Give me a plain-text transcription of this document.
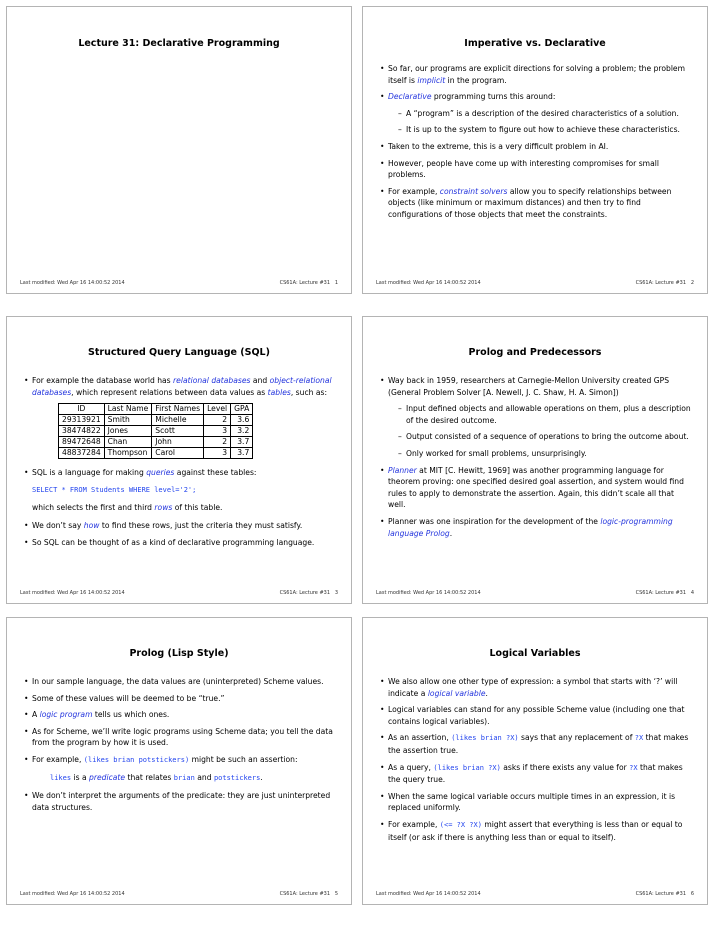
Lecture 31: Declarative Programming
Last modified: Wed Apr 16 14:00:52 2014	CS61A: Lecture #31 1
Imperative vs. Declarative
• So far, our programs are explicit directions for solving a problem; the problem itself is implicit in the program.
• Declarative programming turns this around:
– A “program” is a description of the desired characteristics of a solution.
– It is up to the system to figure out how to achieve these characteristics.
• Taken to the extreme, this is a very difficult problem in AI.
• However, people have come up with interesting compromises for small problems.
• For example, constraint solvers allow you to specify relationships between objects (like minimum or maximum distances) and then try to find configurations of those objects that meet the constraints.
Last modified: Wed Apr 16 14:00:52 2014	CS61A: Lecture #31 2
Structured Query Language (SQL)
• For example the database world has relational databases and object-relational databases, which represent relations between data values as tables, such as:
ID	Last Name	First Names	Level	GPA
29313921	Smith	Michelle	2	3.6
38474822	Jones	Scott	3	3.2
89472648	Chan	John	2	3.7
48837284	Thompson	Carol	3	3.7
• SQL is a language for making queries against these tables:
SELECT * FROM Students WHERE level='2';
which selects the first and third rows of this table.
• We don’t say how to find these rows, just the criteria they must satisfy.
• So SQL can be thought of as a kind of declarative programming language.
Last modified: Wed Apr 16 14:00:52 2014	CS61A: Lecture #31 3
Prolog and Predecessors
• Way back in 1959, researchers at Carnegie-Mellon University created GPS (General Problem Solver [A. Newell, J. C. Shaw, H. A. Simon])
– Input defined objects and allowable operations on them, plus a description of the desired outcome.
– Output consisted of a sequence of operations to bring the outcome about.
– Only worked for small problems, unsurprisingly.
• Planner at MIT [C. Hewitt, 1969] was another programming language for theorem proving: one specified desired goal assertion, and system would find rules to apply to demonstrate the assertion. Again, this didn’t scale all that well.
• Planner was one inspiration for the development of the logic-programming language Prolog.
Last modified: Wed Apr 16 14:00:52 2014	CS61A: Lecture #31 4
Prolog (Lisp Style)
• In our sample language, the data values are (uninterpreted) Scheme values.
• Some of these values will be deemed to be “true.”
• A logic program tells us which ones.
• As for Scheme, we’ll write logic programs using Scheme data; you tell the data from the program by how it is used.
• For example, (likes brian potstickers) might be such an assertion:
likes is a predicate that relates brian and potstickers.
• We don’t interpret the arguments of the predicate: they are just uninterpreted data structures.
Last modified: Wed Apr 16 14:00:52 2014	CS61A: Lecture #31 5
Logical Variables
• We also allow one other type of expression: a symbol that starts with ‘?’ will indicate a logical variable.
• Logical variables can stand for any possible Scheme value (including one that contains logical variables).
• As an assertion, (likes brian ?X) says that any replacement of ?X that makes the assertion true.
• As a query, (likes brian ?X) asks if there exists any value for ?X that makes the query true.
• When the same logical variable occurs multiple times in an expression, it is replaced uniformly.
• For example, (<= ?X ?X) might assert that everything is less than or equal to itself (or ask if there is anything less than or equal to itself).
Last modified: Wed Apr 16 14:00:52 2014	CS61A: Lecture #31 6
